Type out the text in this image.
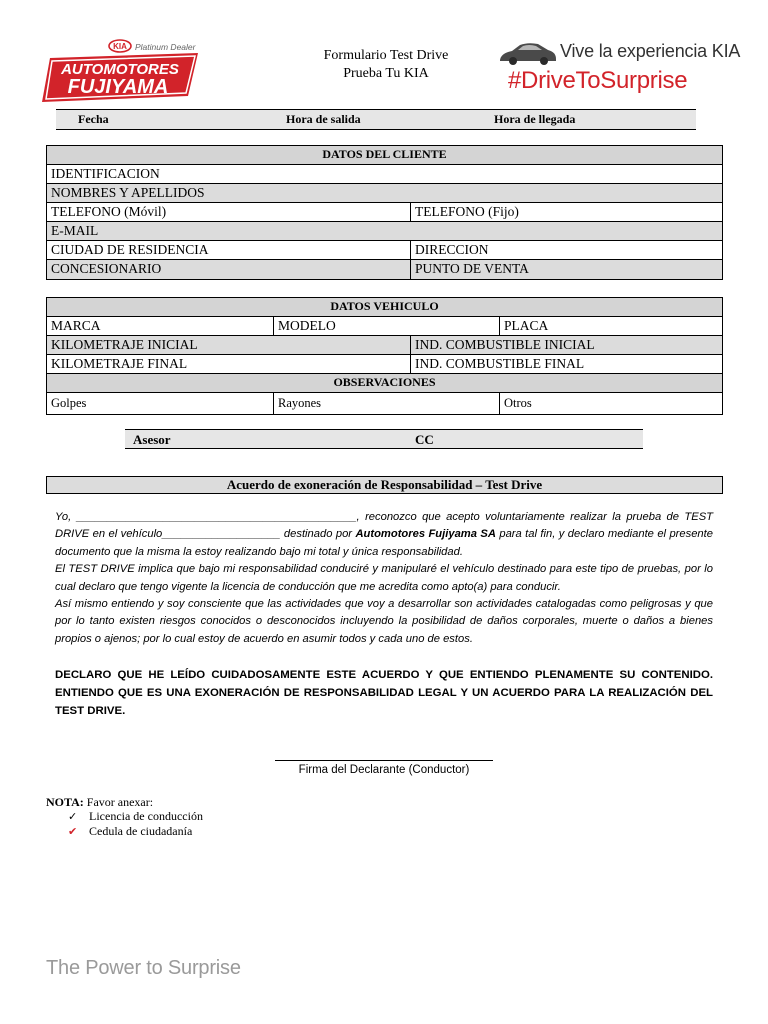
KIA Platinum Dealer
AUTOMOTORES
FUJIYAMA
Formulario Test Drive
Prueba Tu KIA
Vive la experiencia KIA
#DriveToSurprise
Fecha	Hora de salida	Hora de llegada
DATOS DEL CLIENTE
IDENTIFICACION
NOMBRES Y APELLIDOS
TELEFONO (Móvil)	TELEFONO (Fijo)
E-MAIL
CIUDAD DE RESIDENCIA	DIRECCION
CONCESIONARIO	PUNTO DE VENTA
DATOS VEHICULO
MARCA	MODELO	PLACA
KILOMETRAJE INICIAL	IND. COMBUSTIBLE INICIAL
KILOMETRAJE FINAL	IND. COMBUSTIBLE FINAL
OBSERVACIONES
Golpes	Rayones	Otros
Asesor	CC
Acuerdo de exoneración de Responsabilidad – Test Drive

Yo, _____________________________________________, reconozco que acepto voluntariamente realizar la prueba de TEST DRIVE en el vehículo___________________ destinado por Automotores Fujiyama SA para tal fin, y declaro mediante el presente documento que la misma la estoy realizando bajo mi total y única responsabilidad.

El TEST DRIVE implica que bajo mi responsabilidad conduciré y manipularé el vehículo destinado para este tipo de pruebas, por lo cual declaro que tengo vigente la licencia de conducción que me acredita como apto(a) para conducir.

Así mismo entiendo y soy consciente que las actividades que voy a desarrollar son actividades catalogadas como peligrosas y que por lo tanto existen riesgos conocidos o desconocidos incluyendo la posibilidad de daños corporales, muerte o daños a bienes propios o ajenos; por lo cual estoy de acuerdo en asumir todos y cada uno de estos.

DECLARO QUE HE LEÍDO CUIDADOSAMENTE ESTE ACUERDO Y QUE ENTIENDO PLENAMENTE SU CONTENIDO. ENTIENDO QUE ES UNA EXONERACIÓN DE RESPONSABILIDAD LEGAL Y UN ACUERDO PARA LA REALIZACIÓN DEL TEST DRIVE.
Firma del Declarante (Conductor)
NOTA: Favor anexar:
✓ Licencia de conducción
✔ Cedula de ciudadanía
The Power to Surprise
